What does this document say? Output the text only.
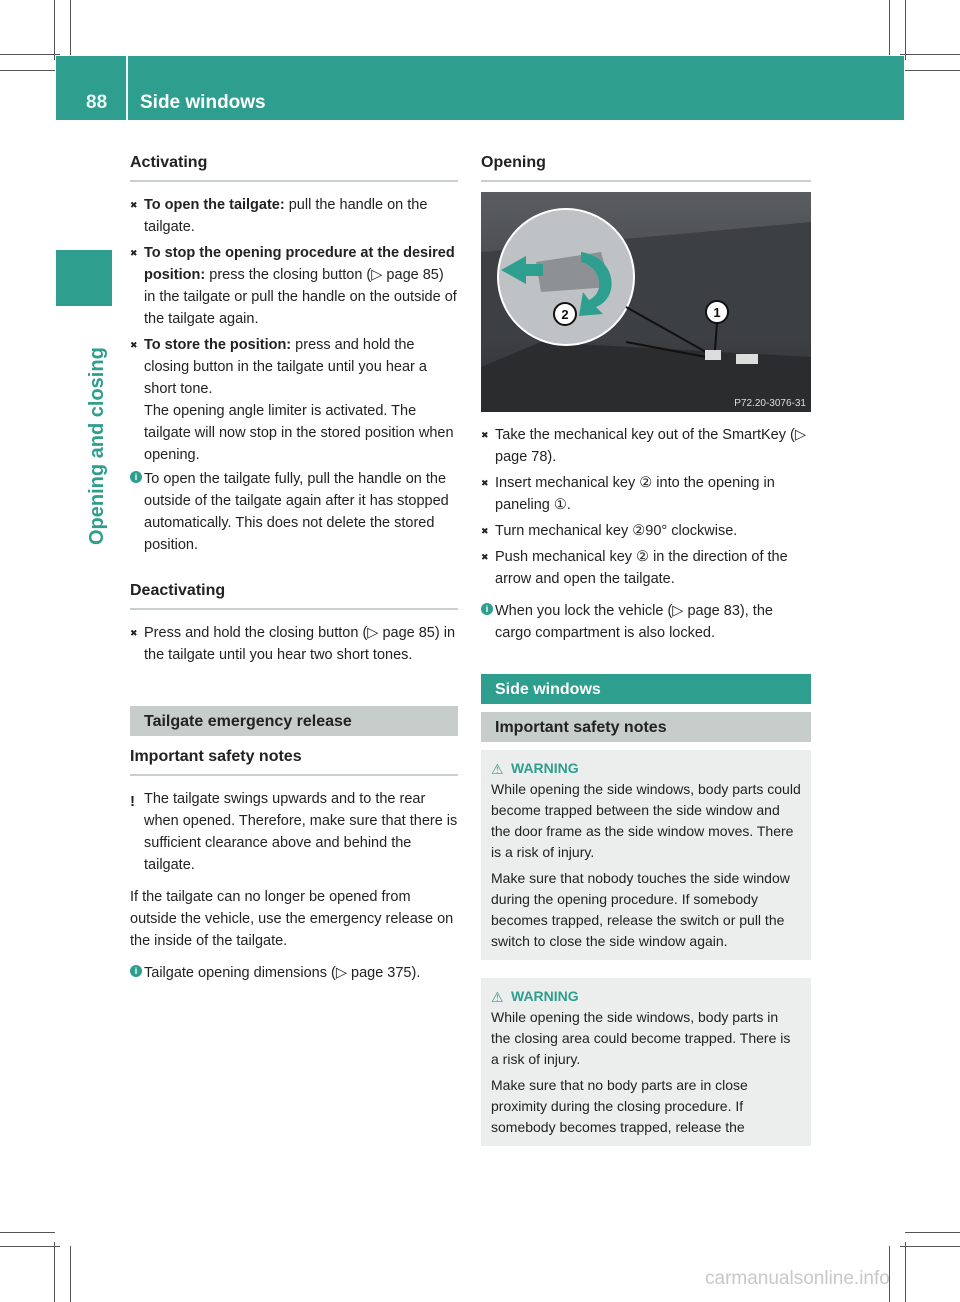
88 Side windows
Opening and closing

Activating

✖ To open the tailgate: pull the handle on the tailgate.
✖ To stop the opening procedure at the desired position: press the closing button (▷ page 85) in the tailgate or pull the handle on the outside of the tailgate again.
✖ To store the position: press and hold the closing button in the tailgate until you hear a short tone.
The opening angle limiter is activated. The tailgate will now stop in the stored position when opening.
i To open the tailgate fully, pull the handle on the outside of the tailgate again after it has stopped automatically. This does not delete the stored position.

Deactivating

✖ Press and hold the closing button (▷ page 85) in the tailgate until you hear two short tones.
Tailgate emergency release

Important safety notes

! The tailgate swings upwards and to the rear when opened. Therefore, make sure that there is sufficient clearance above and behind the tailgate.

If the tailgate can no longer be opened from outside the vehicle, use the emergency release on the inside of the tailgate.

i Tailgate opening dimensions (▷ page 375).

Opening

2	1
P72.20-3076-31
✖ Take the mechanical key out of the SmartKey (▷ page 78).
✖ Insert mechanical key ② into the opening in paneling ①.
✖ Turn mechanical key ②90° clockwise.
✖ Push mechanical key ② in the direction of the arrow and open the tailgate.
i When you lock the vehicle (▷ page 83), the cargo compartment is also locked.
Side windows
Important safety notes
⚠ WARNING

While opening the side windows, body parts could become trapped between the side window and the door frame as the side window moves. There is a risk of injury.

Make sure that nobody touches the side window during the opening procedure. If somebody becomes trapped, release the switch or pull the switch to close the side window again.

⚠ WARNING

While opening the side windows, body parts in the closing area could become trapped. There is a risk of injury.

Make sure that no body parts are in close proximity during the closing procedure. If somebody becomes trapped, release the

carmanualsonline.info
